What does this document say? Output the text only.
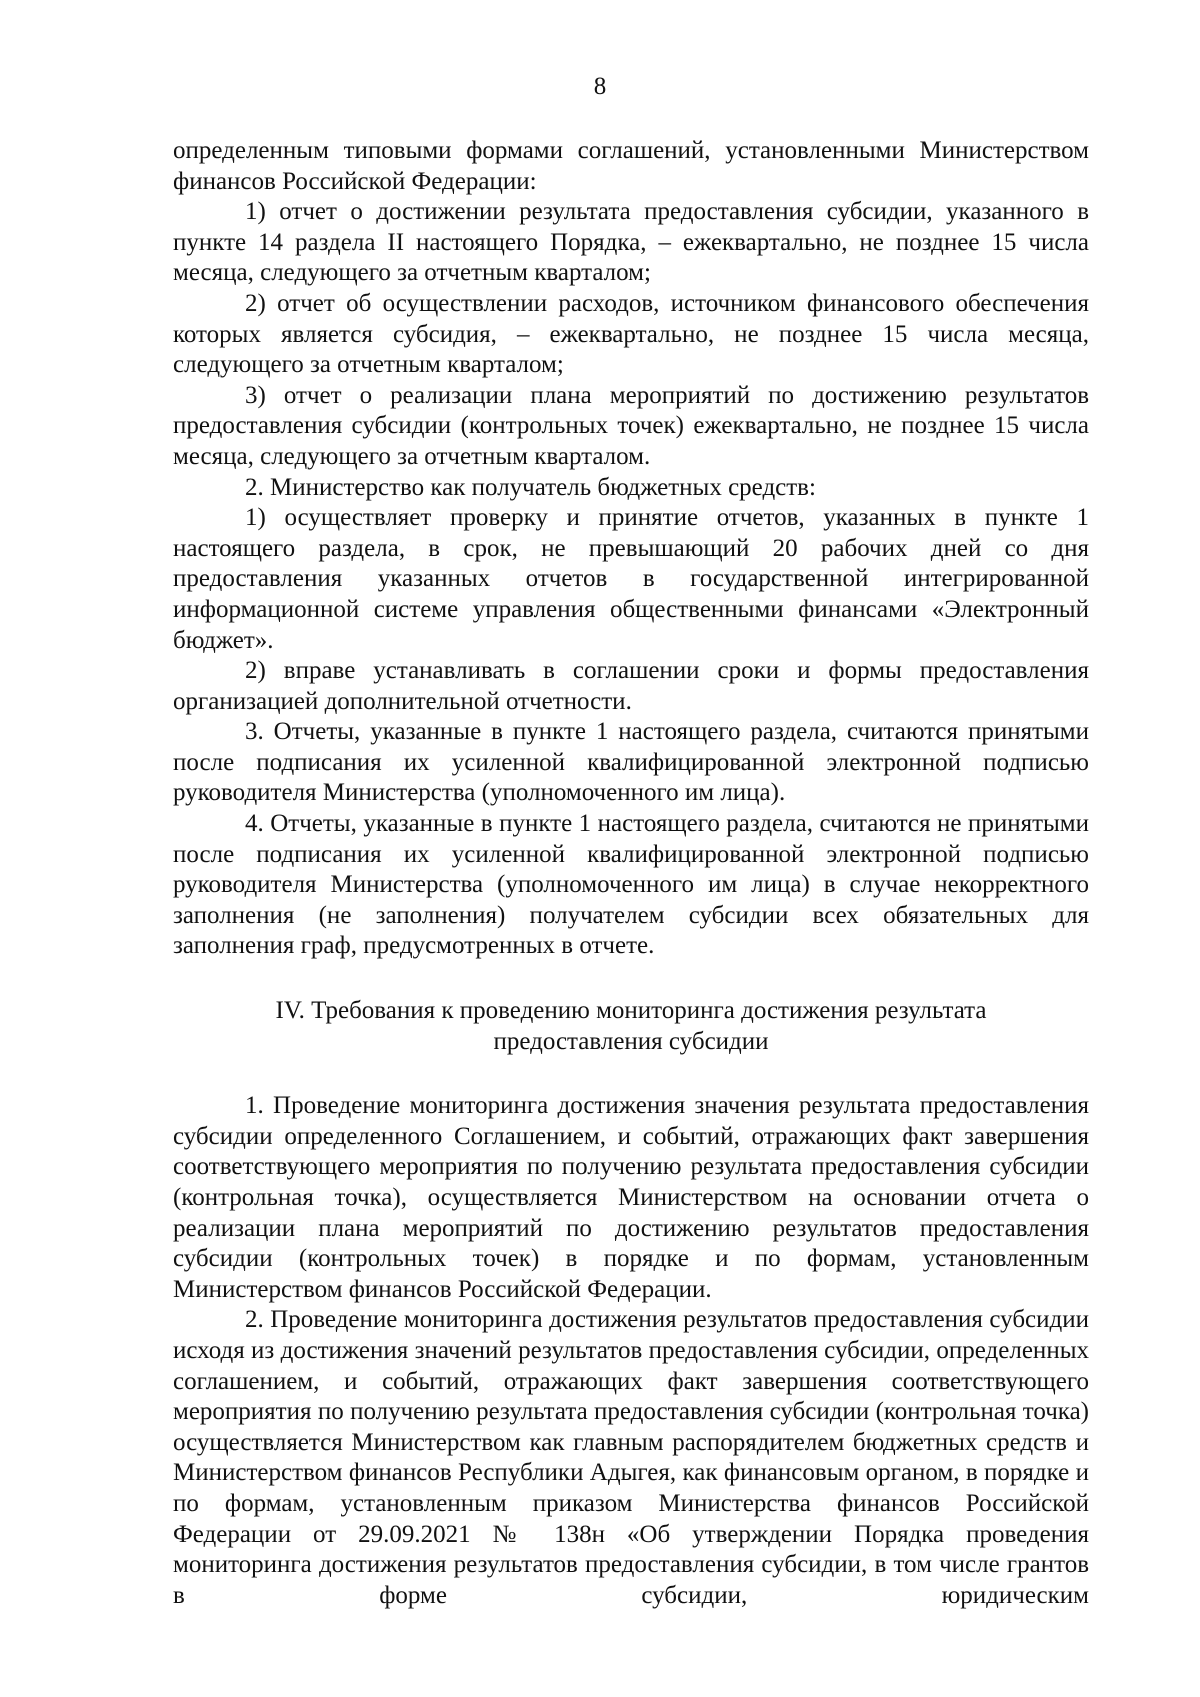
8

определенным типовыми формами соглашений, установленными Министерством финансов Российской Федерации:

1) отчет о достижении результата предоставления субсидии, указанного в пункте 14 раздела II настоящего Порядка, – ежеквартально, не позднее 15 числа месяца, следующего за отчетным кварталом;

2) отчет об осуществлении расходов, источником финансового обеспечения которых является субсидия, – ежеквартально, не позднее 15 числа месяца, следующего за отчетным кварталом;

3) отчет о реализации плана мероприятий по достижению результатов предоставления субсидии (контрольных точек) ежеквартально, не позднее 15 числа месяца, следующего за отчетным кварталом.

2. Министерство как получатель бюджетных средств:

1) осуществляет проверку и принятие отчетов, указанных в пункте 1 настоящего раздела, в срок, не превышающий 20 рабочих дней со дня предоставления указанных отчетов в государственной интегрированной информационной системе управления общественными финансами «Электронный бюджет».

2) вправе устанавливать в соглашении сроки и формы предоставления организацией дополнительной отчетности.

3. Отчеты, указанные в пункте 1 настоящего раздела, считаются принятыми после подписания их усиленной квалифицированной электронной подписью руководителя Министерства (уполномоченного им лица).

4. Отчеты, указанные в пункте 1 настоящего раздела, считаются не принятыми после подписания их усиленной квалифицированной электронной подписью руководителя Министерства (уполномоченного им лица) в случае некорректного заполнения (не заполнения) получателем субсидии всех обязательных для заполнения граф, предусмотренных в отчете.

IV. Требования к проведению мониторинга достижения результата
предоставления субсидии

1. Проведение мониторинга достижения значения результата предоставления субсидии определенного Соглашением, и событий, отражающих факт завершения соответствующего мероприятия по получению результата предоставления субсидии (контрольная точка), осуществляется Министерством на основании отчета о реализации плана мероприятий по достижению результатов предоставления субсидии (контрольных точек) в порядке и по формам, установленным Министерством финансов Российской Федерации.

2. Проведение мониторинга достижения результатов предоставления субсидии исходя из достижения значений результатов предоставления субсидии, определенных соглашением, и событий, отражающих факт завершения соответствующего мероприятия по получению результата предоставления субсидии (контрольная точка) осуществляется Министерством как главным распорядителем бюджетных средств и Министерством финансов Республики Адыгея, как финансовым органом, в порядке и по формам, установленным приказом Министерства финансов Российской Федерации от 29.09.2021 № 138н «Об утверждении Порядка проведения мониторинга достижения результатов предоставления субсидии, в том числе грантов в форме субсидии, юридическим
